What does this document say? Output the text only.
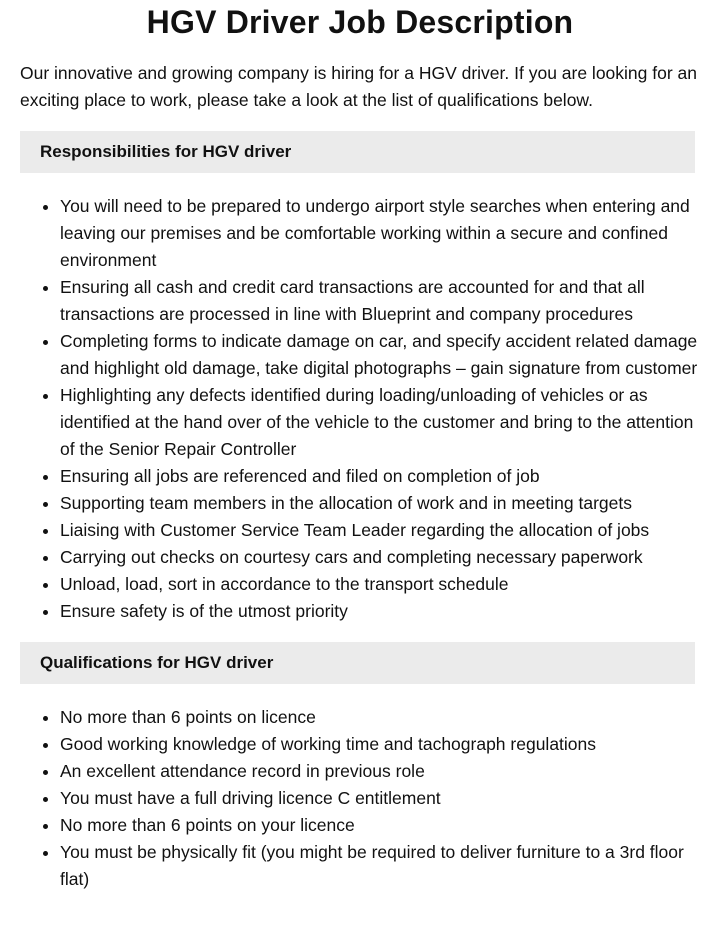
HGV Driver Job Description

Our innovative and growing company is hiring for a HGV driver. If you are looking for an exciting place to work, please take a look at the list of qualifications below.

Responsibilities for HGV driver
• You will need to be prepared to undergo airport style searches when entering and leaving our premises and be comfortable working within a secure and confined environment
• Ensuring all cash and credit card transactions are accounted for and that all transactions are processed in line with Blueprint and company procedures
• Completing forms to indicate damage on car, and specify accident related damage and highlight old damage, take digital photographs – gain signature from customer
• Highlighting any defects identified during loading/unloading of vehicles or as identified at the hand over of the vehicle to the customer and bring to the attention of the Senior Repair Controller
• Ensuring all jobs are referenced and filed on completion of job
• Supporting team members in the allocation of work and in meeting targets
• Liaising with Customer Service Team Leader regarding the allocation of jobs
• Carrying out checks on courtesy cars and completing necessary paperwork
• Unload, load, sort in accordance to the transport schedule
• Ensure safety is of the utmost priority
Qualifications for HGV driver
• No more than 6 points on licence
• Good working knowledge of working time and tachograph regulations
• An excellent attendance record in previous role
• You must have a full driving licence C entitlement
• No more than 6 points on your licence
• You must be physically fit (you might be required to deliver furniture to a 3rd floor flat)
